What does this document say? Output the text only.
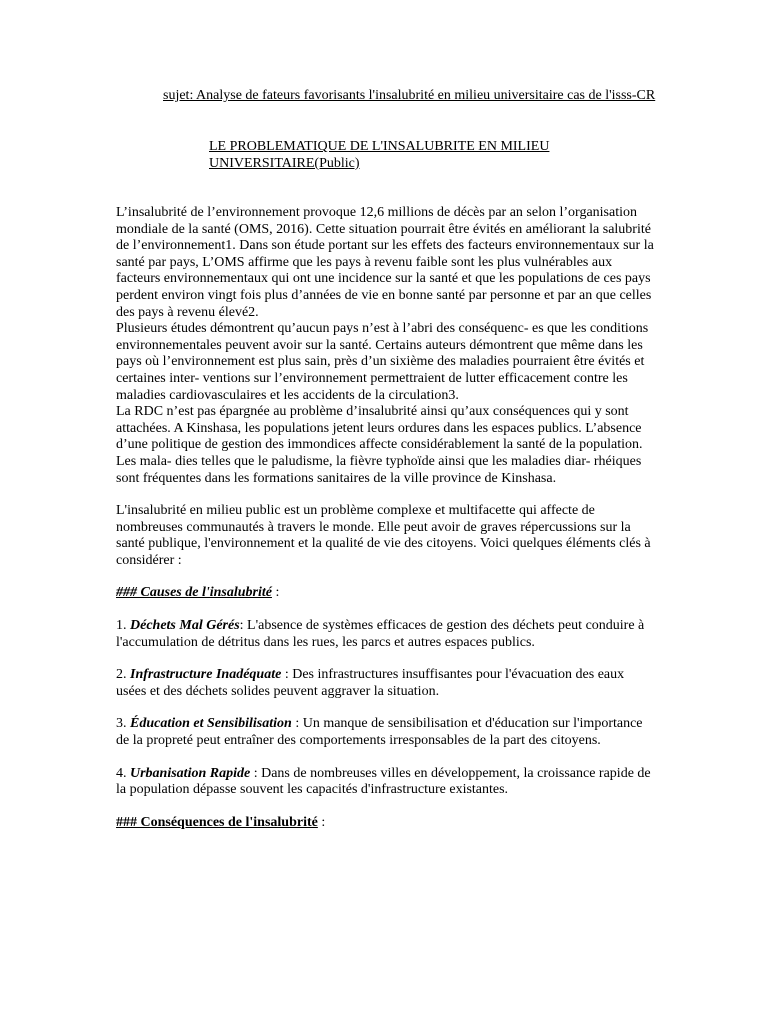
sujet: Analyse de fateurs favorisants l'insalubrité en milieu universitaire cas de l'isss-CR
LE PROBLEMATIQUE DE L'INSALUBRITE EN MILIEU UNIVERSITAIRE(Public)

L’insalubrité de l’environnement provoque 12,6 millions de décès par an selon l’organisation mondiale de la santé (OMS, 2016). Cette situation pourrait être évités en améliorant la salubrité de l’environnement1. Dans son étude portant sur les effets des facteurs environnementaux sur la santé par pays, L’OMS affirme que les pays à revenu faible sont les plus vulnérables aux facteurs environnementaux qui ont une incidence sur la santé et que les populations de ces pays perdent environ vingt fois plus d’années de vie en bonne santé par personne et par an que celles des pays à revenu élevé2.

Plusieurs études démontrent qu’aucun pays n’est à l’abri des conséquenc- es que les conditions environnementales peuvent avoir sur la santé. Certains auteurs démontrent que même dans les pays où l’environnement est plus sain, près d’un sixième des maladies pourraient être évités et certaines inter- ventions sur l’environnement permettraient de lutter efficacement contre les maladies cardiovasculaires et les accidents de la circulation3.

La RDC n’est pas épargnée au problème d’insalubrité ainsi qu’aux conséquences qui y sont attachées. A Kinshasa, les populations jetent leurs ordures dans les espaces publics. L’absence d’une politique de gestion des immondices affecte considérablement la santé de la population. Les mala- dies telles que le paludisme, la fièvre typhoïde ainsi que les maladies diar- rhéiques sont fréquentes dans les formations sanitaires de la ville province de Kinshasa.

L'insalubrité en milieu public est un problème complexe et multifacette qui affecte de nombreuses communautés à travers le monde. Elle peut avoir de graves répercussions sur la santé publique, l'environnement et la qualité de vie des citoyens. Voici quelques éléments clés à considérer :

### Causes de l'insalubrité :

1. Déchets Mal Gérés: L'absence de systèmes efficaces de gestion des déchets peut conduire à l'accumulation de détritus dans les rues, les parcs et autres espaces publics.

2. Infrastructure Inadéquate : Des infrastructures insuffisantes pour l'évacuation des eaux usées et des déchets solides peuvent aggraver la situation.

3. Éducation et Sensibilisation : Un manque de sensibilisation et d'éducation sur l'importance de la propreté peut entraîner des comportements irresponsables de la part des citoyens.

4. Urbanisation Rapide : Dans de nombreuses villes en développement, la croissance rapide de la population dépasse souvent les capacités d'infrastructure existantes.

### Conséquences de l'insalubrité :
